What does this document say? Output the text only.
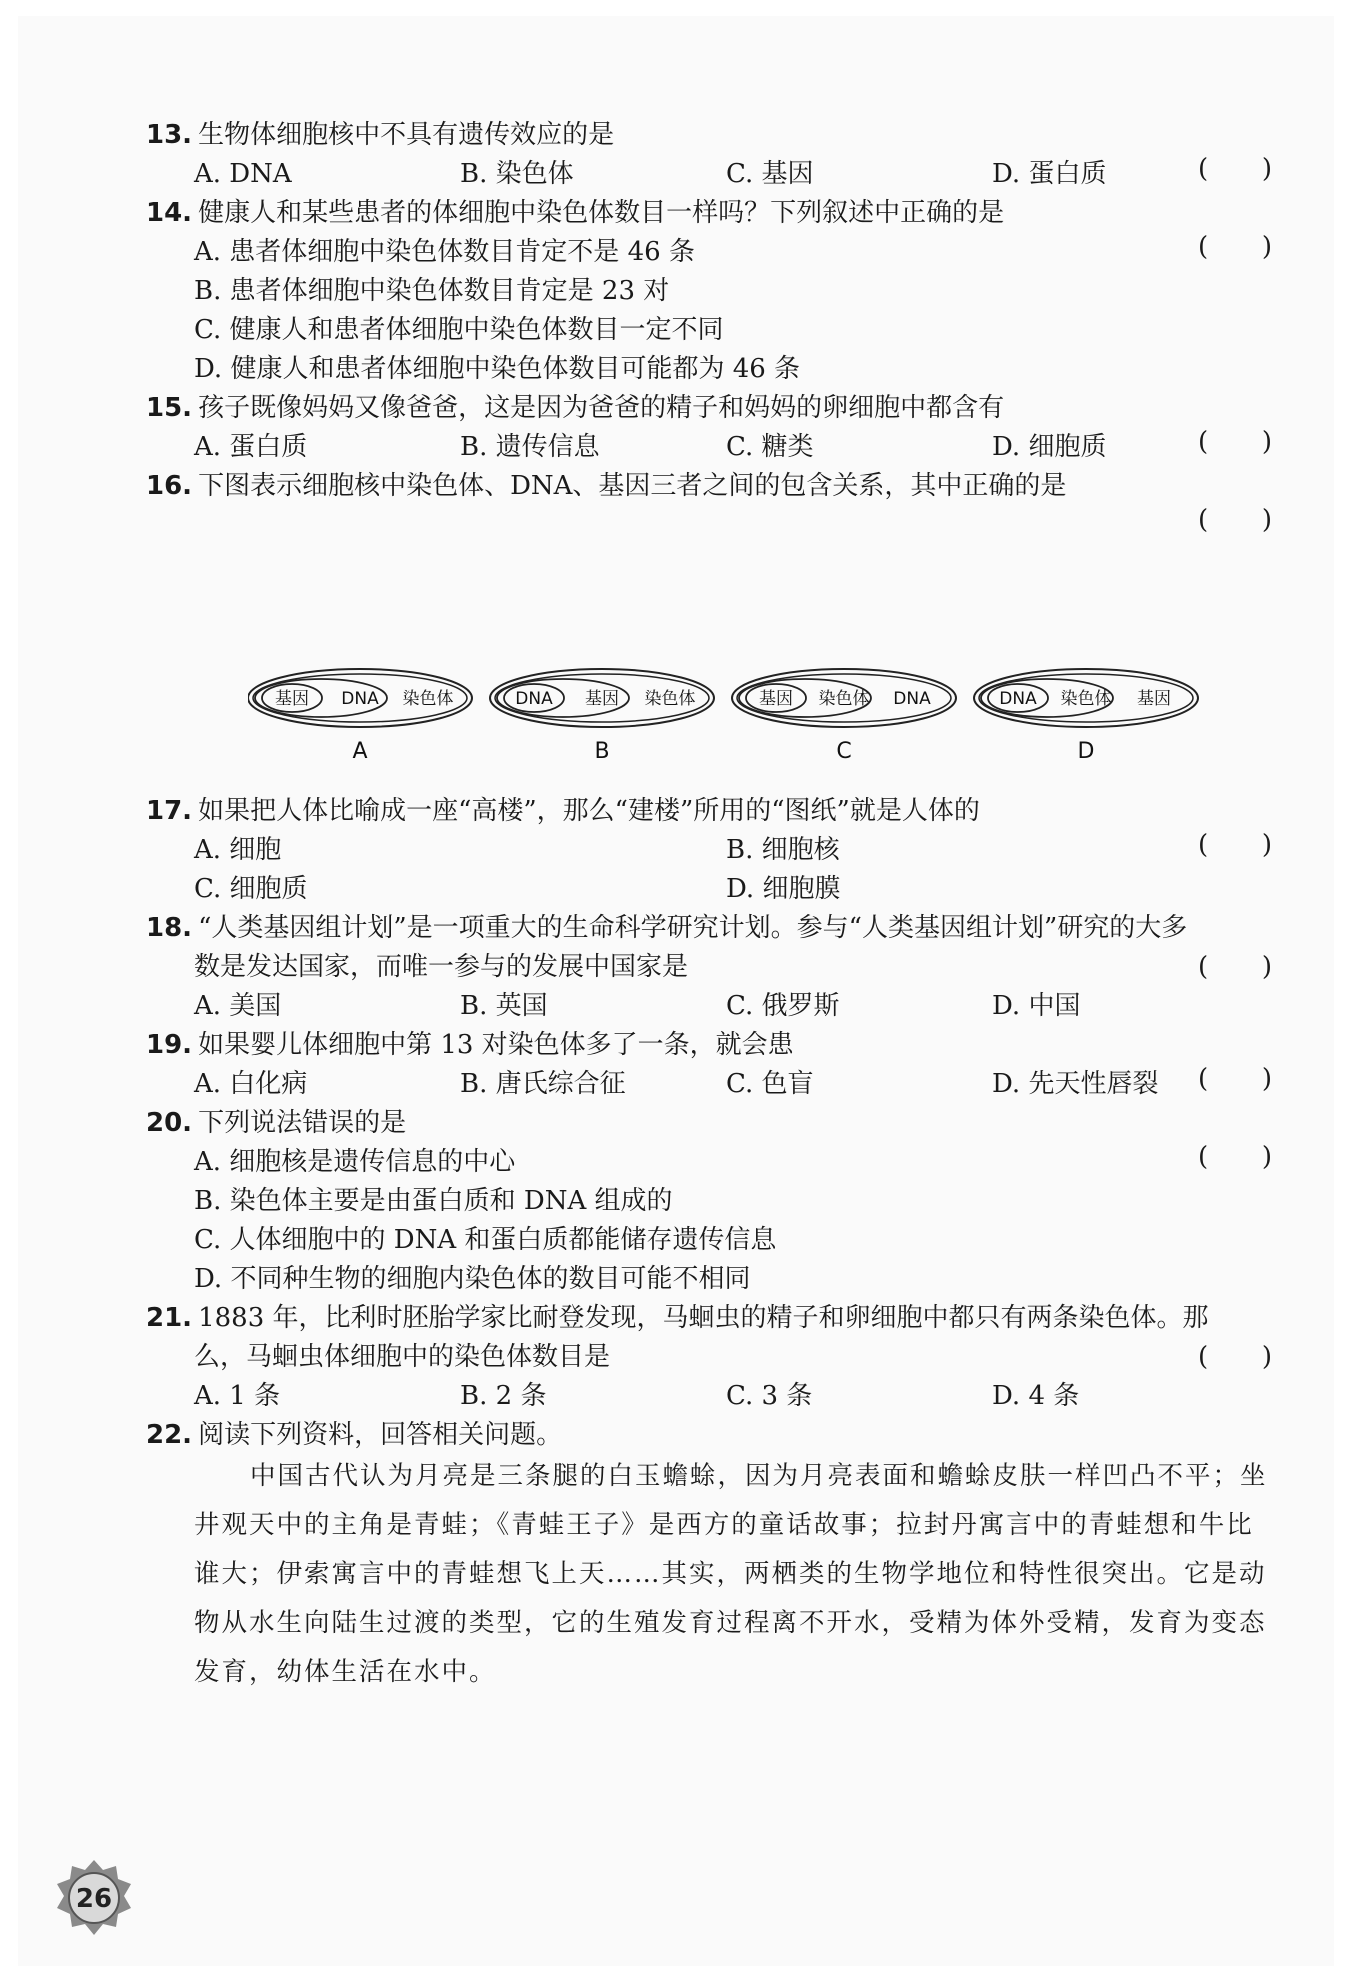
13. 生物体细胞核中不具有遗传效应的是
( )
A. DNA	B. 染色体	C. 基因	D. 蛋白质
14. 健康人和某些患者的体细胞中染色体数目一样吗？下列叙述中正确的是
( )
A. 患者体细胞中染色体数目肯定不是 46 条
B. 患者体细胞中染色体数目肯定是 23 对
C. 健康人和患者体细胞中染色体数目一定不同
D. 健康人和患者体细胞中染色体数目可能都为 46 条
15. 孩子既像妈妈又像爸爸，这是因为爸爸的精子和妈妈的卵细胞中都含有
( )
A. 蛋白质	B. 遗传信息	C. 糖类	D. 细胞质
16. 下图表示细胞核中染色体、DNA、基因三者之间的包含关系，其中正确的是
( )
基因 DNA 染色体
A
DNA 基因 染色体
B
基因 染色体 DNA
C
DNA 染色体 基因
D
17. 如果把人体比喻成一座“高楼”，那么“建楼”所用的“图纸”就是人体的
( )
A. 细胞	B. 细胞核
C. 细胞质	D. 细胞膜
18. “人类基因组计划”是一项重大的生命科学研究计划。参与“人类基因组计划”研究的大多
数是发达国家，而唯一参与的发展中国家是	( )
A. 美国	B. 英国	C. 俄罗斯	D. 中国
19. 如果婴儿体细胞中第 13 对染色体多了一条，就会患
( )
A. 白化病	B. 唐氏综合征	C. 色盲	D. 先天性唇裂
20. 下列说法错误的是
( )
A. 细胞核是遗传信息的中心
B. 染色体主要是由蛋白质和 DNA 组成的
C. 人体细胞中的 DNA 和蛋白质都能储存遗传信息
D. 不同种生物的细胞内染色体的数目可能不相同
21. 1883 年，比利时胚胎学家比耐登发现，马蛔虫的精子和卵细胞中都只有两条染色体。那
么，马蛔虫体细胞中的染色体数目是	( )
A. 1 条	B. 2 条	C. 3 条	D. 4 条
22. 阅读下列资料，回答相关问题。
中国古代认为月亮是三条腿的白玉蟾蜍，因为月亮表面和蟾蜍皮肤一样凹凸不平；坐井观天中的主角是青蛙；《青蛙王子》是西方的童话故事；拉封丹寓言中的青蛙想和牛比谁大；伊索寓言中的青蛙想飞上天……其实，两栖类的生物学地位和特性很突出。它是动物从水生向陆生过渡的类型，它的生殖发育过程离不开水，受精为体外受精，发育为变态发育，幼体生活在水中。
26
